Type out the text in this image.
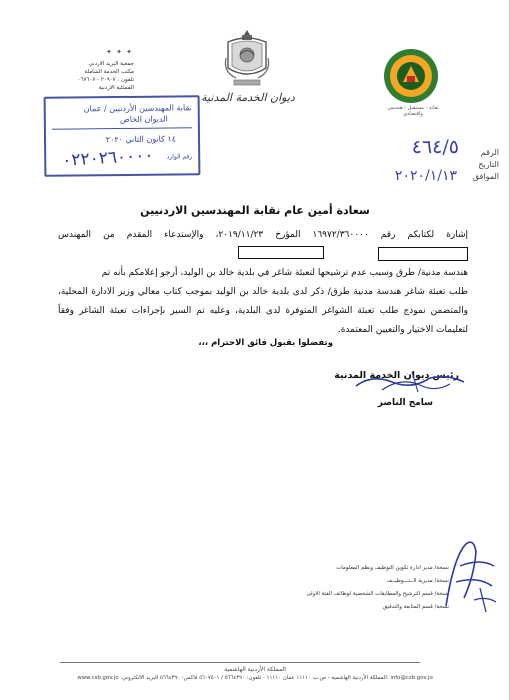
✦ ✦ ✦
جمعية البريد الاردني
مكتب الخدمة الشاملة
تلفون : ٢٠٩٠٧ - ٠٦٧٦٠٧
الممثلية الاردنية
نقابة المهندسين الأردنيين / عمان
الديوان الخاص
١٤ كانون الثاني ٢٠٢٠
٠٢٢٠٢٦٠٠٠٠ رقم الوارد
ديوان الخدمة المدنية
نقابة - مستقبل - هندسي واقتصادي
الرقم
٤٦٤/٥
التاريخ
الموافق
٢٠٢٠/١/١٣
سعادة أمين عام نقابة المهندسين الاردنيين
إشارة لكتابكم رقم ١٦٩٧٢/٣٦٠٠٠٠ المؤرخ ٢٠١٩/١١/٢٣، والإستدعاء المقدم من المهندس
هندسة مدنية/ طرق وسبب عدم ترشيحها لتعبئة شاغر في بلدية خالد بن الوليد، أرجو إعلامكم بأنه تم
طلب تعبئة شاغر هندسة مدنية طرق/ ذكر لدى بلدية خالد بن الوليد بموجب كتاب معالي وزير الادارة المحلية، والمتضمن نموذج طلب تعبئة الشواغر المتوفرة لدى البلدية، وعليه تم السير بإجراءات تعبئة الشاغر وفقاً لتعليمات الاختيار والتعيين المعتمدة.
وتفضلوا بقبول فائق الاحترام ،،،
رئيس ديوان الخدمة المدنية
سامح الناصر
نسخة/ مدير ادارة تكوين التوظيف ونظم المعلومات
نسخة/ مديرية الــتـــوظيــف
نسخة/ قسم الترشيح والمطابقات الشخصية لوظائف الفئة الاولى
نسخة/ قسم المتابعة والتدقيق
المملكة الأردنية الهاشمية
www.csb.gov.jo :المملكة الأردنية الهاشمية - ص.ب ١١١١٠ عمان ١١١١٠ - تلفون: ٥٦٦٤٣٩٠ / ٥٦٠٧٥٠١ فاكس: ٥٦٦٤٣٩٠ البريد الالكتروني: info@csb.gov.jo
